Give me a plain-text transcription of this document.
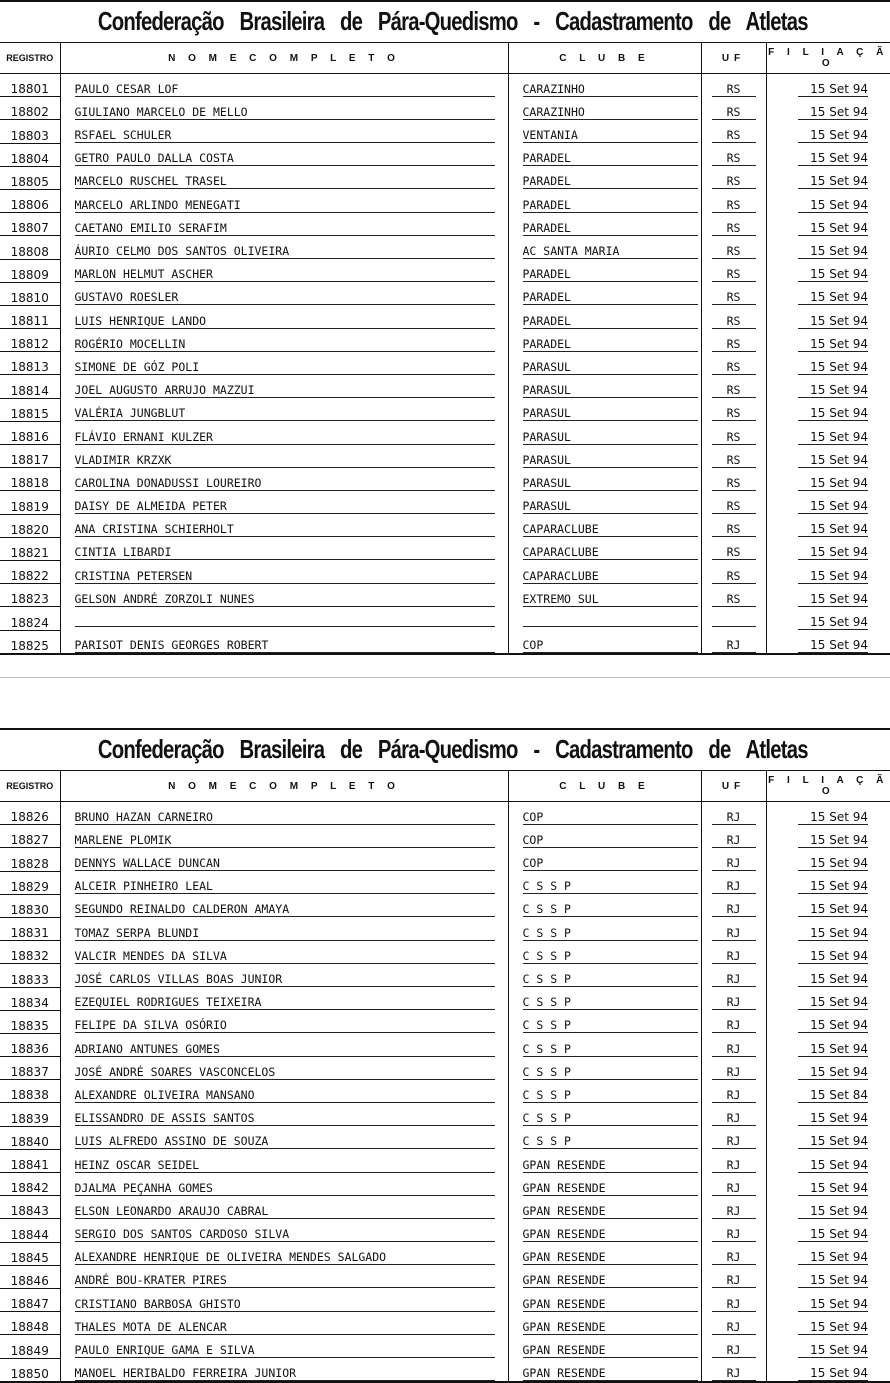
Confederação Brasileira de Pára-Quedismo - Cadastramento de Atletas
REGISTRO	N O M E C O M P L E T O	C L U B E	UF	F I L I A Ç Ã O
18801	PAULO CESAR LOF	CARAZINHO	RS	15 Set 94
18802	GIULIANO MARCELO DE MELLO	CARAZINHO	RS	15 Set 94
18803	RSFAEL SCHULER	VENTANIA	RS	15 Set 94
18804	GETRO PAULO DALLA COSTA	PARADEL	RS	15 Set 94
18805	MARCELO RUSCHEL TRASEL	PARADEL	RS	15 Set 94
18806	MARCELO ARLINDO MENEGATI	PARADEL	RS	15 Set 94
18807	CAETANO EMILIO SERAFIM	PARADEL	RS	15 Set 94
18808	ÁURIO CELMO DOS SANTOS OLIVEIRA	AC SANTA MARIA	RS	15 Set 94
18809	MARLON HELMUT ASCHER	PARADEL	RS	15 Set 94
18810	GUSTAVO ROESLER	PARADEL	RS	15 Set 94
18811	LUIS HENRIQUE LANDO	PARADEL	RS	15 Set 94
18812	ROGÉRIO MOCELLIN	PARADEL	RS	15 Set 94
18813	SIMONE DE GÓZ POLI	PARASUL	RS	15 Set 94
18814	JOEL AUGUSTO ARRUJO MAZZUI	PARASUL	RS	15 Set 94
18815	VALÉRIA JUNGBLUT	PARASUL	RS	15 Set 94
18816	FLÁVIO ERNANI KULZER	PARASUL	RS	15 Set 94
18817	VLADIMIR KRZXK	PARASUL	RS	15 Set 94
18818	CAROLINA DONADUSSI LOUREIRO	PARASUL	RS	15 Set 94
18819	DAISY DE ALMEIDA PETER	PARASUL	RS	15 Set 94
18820	ANA CRISTINA SCHIERHOLT	CAPARACLUBE	RS	15 Set 94
18821	CINTIA LIBARDI	CAPARACLUBE	RS	15 Set 94
18822	CRISTINA PETERSEN	CAPARACLUBE	RS	15 Set 94
18823	GELSON ANDRÉ ZORZOLI NUNES	EXTREMO SUL	RS	15 Set 94
18824				15 Set 94
18825	PARISOT DENIS GEORGES ROBERT	COP	RJ	15 Set 94
Confederação Brasileira de Pára-Quedismo - Cadastramento de Atletas
REGISTRO	N O M E C O M P L E T O	C L U B E	UF	F I L I A Ç Ã O
18826	BRUNO HAZAN CARNEIRO	COP	RJ	15 Set 94
18827	MARLENE PLOMIK	COP	RJ	15 Set 94
18828	DENNYS WALLACE DUNCAN	COP	RJ	15 Set 94
18829	ALCEIR PINHEIRO LEAL	C S S P	RJ	15 Set 94
18830	SEGUNDO REINALDO CALDERON AMAYA	C S S P	RJ	15 Set 94
18831	TOMAZ SERPA BLUNDI	C S S P	RJ	15 Set 94
18832	VALCIR MENDES DA SILVA	C S S P	RJ	15 Set 94
18833	JOSÉ CARLOS VILLAS BOAS JUNIOR	C S S P	RJ	15 Set 94
18834	EZEQUIEL RODRIGUES TEIXEIRA	C S S P	RJ	15 Set 94
18835	FELIPE DA SILVA OSÓRIO	C S S P	RJ	15 Set 94
18836	ADRIANO ANTUNES GOMES	C S S P	RJ	15 Set 94
18837	JOSÉ ANDRÉ SOARES VASCONCELOS	C S S P	RJ	15 Set 94
18838	ALEXANDRE OLIVEIRA MANSANO	C S S P	RJ	15 Set 84
18839	ELISSANDRO DE ASSIS SANTOS	C S S P	RJ	15 Set 94
18840	LUIS ALFREDO ASSINO DE SOUZA	C S S P	RJ	15 Set 94
18841	HEINZ OSCAR SEIDEL	GPAN RESENDE	RJ	15 Set 94
18842	DJALMA PEÇANHA GOMES	GPAN RESENDE	RJ	15 Set 94
18843	ELSON LEONARDO ARAUJO CABRAL	GPAN RESENDE	RJ	15 Set 94
18844	SERGIO DOS SANTOS CARDOSO SILVA	GPAN RESENDE	RJ	15 Set 94
18845	ALEXANDRE HENRIQUE DE OLIVEIRA MENDES SALGADO	GPAN RESENDE	RJ	15 Set 94
18846	ANDRÉ BOU-KRATER PIRES	GPAN RESENDE	RJ	15 Set 94
18847	CRISTIANO BARBOSA GHISTO	GPAN RESENDE	RJ	15 Set 94
18848	THALES MOTA DE ALENCAR	GPAN RESENDE	RJ	15 Set 94
18849	PAULO ENRIQUE GAMA E SILVA	GPAN RESENDE	RJ	15 Set 94
18850	MANOEL HERIBALDO FERREIRA JUNIOR	GPAN RESENDE	RJ	15 Set 94
